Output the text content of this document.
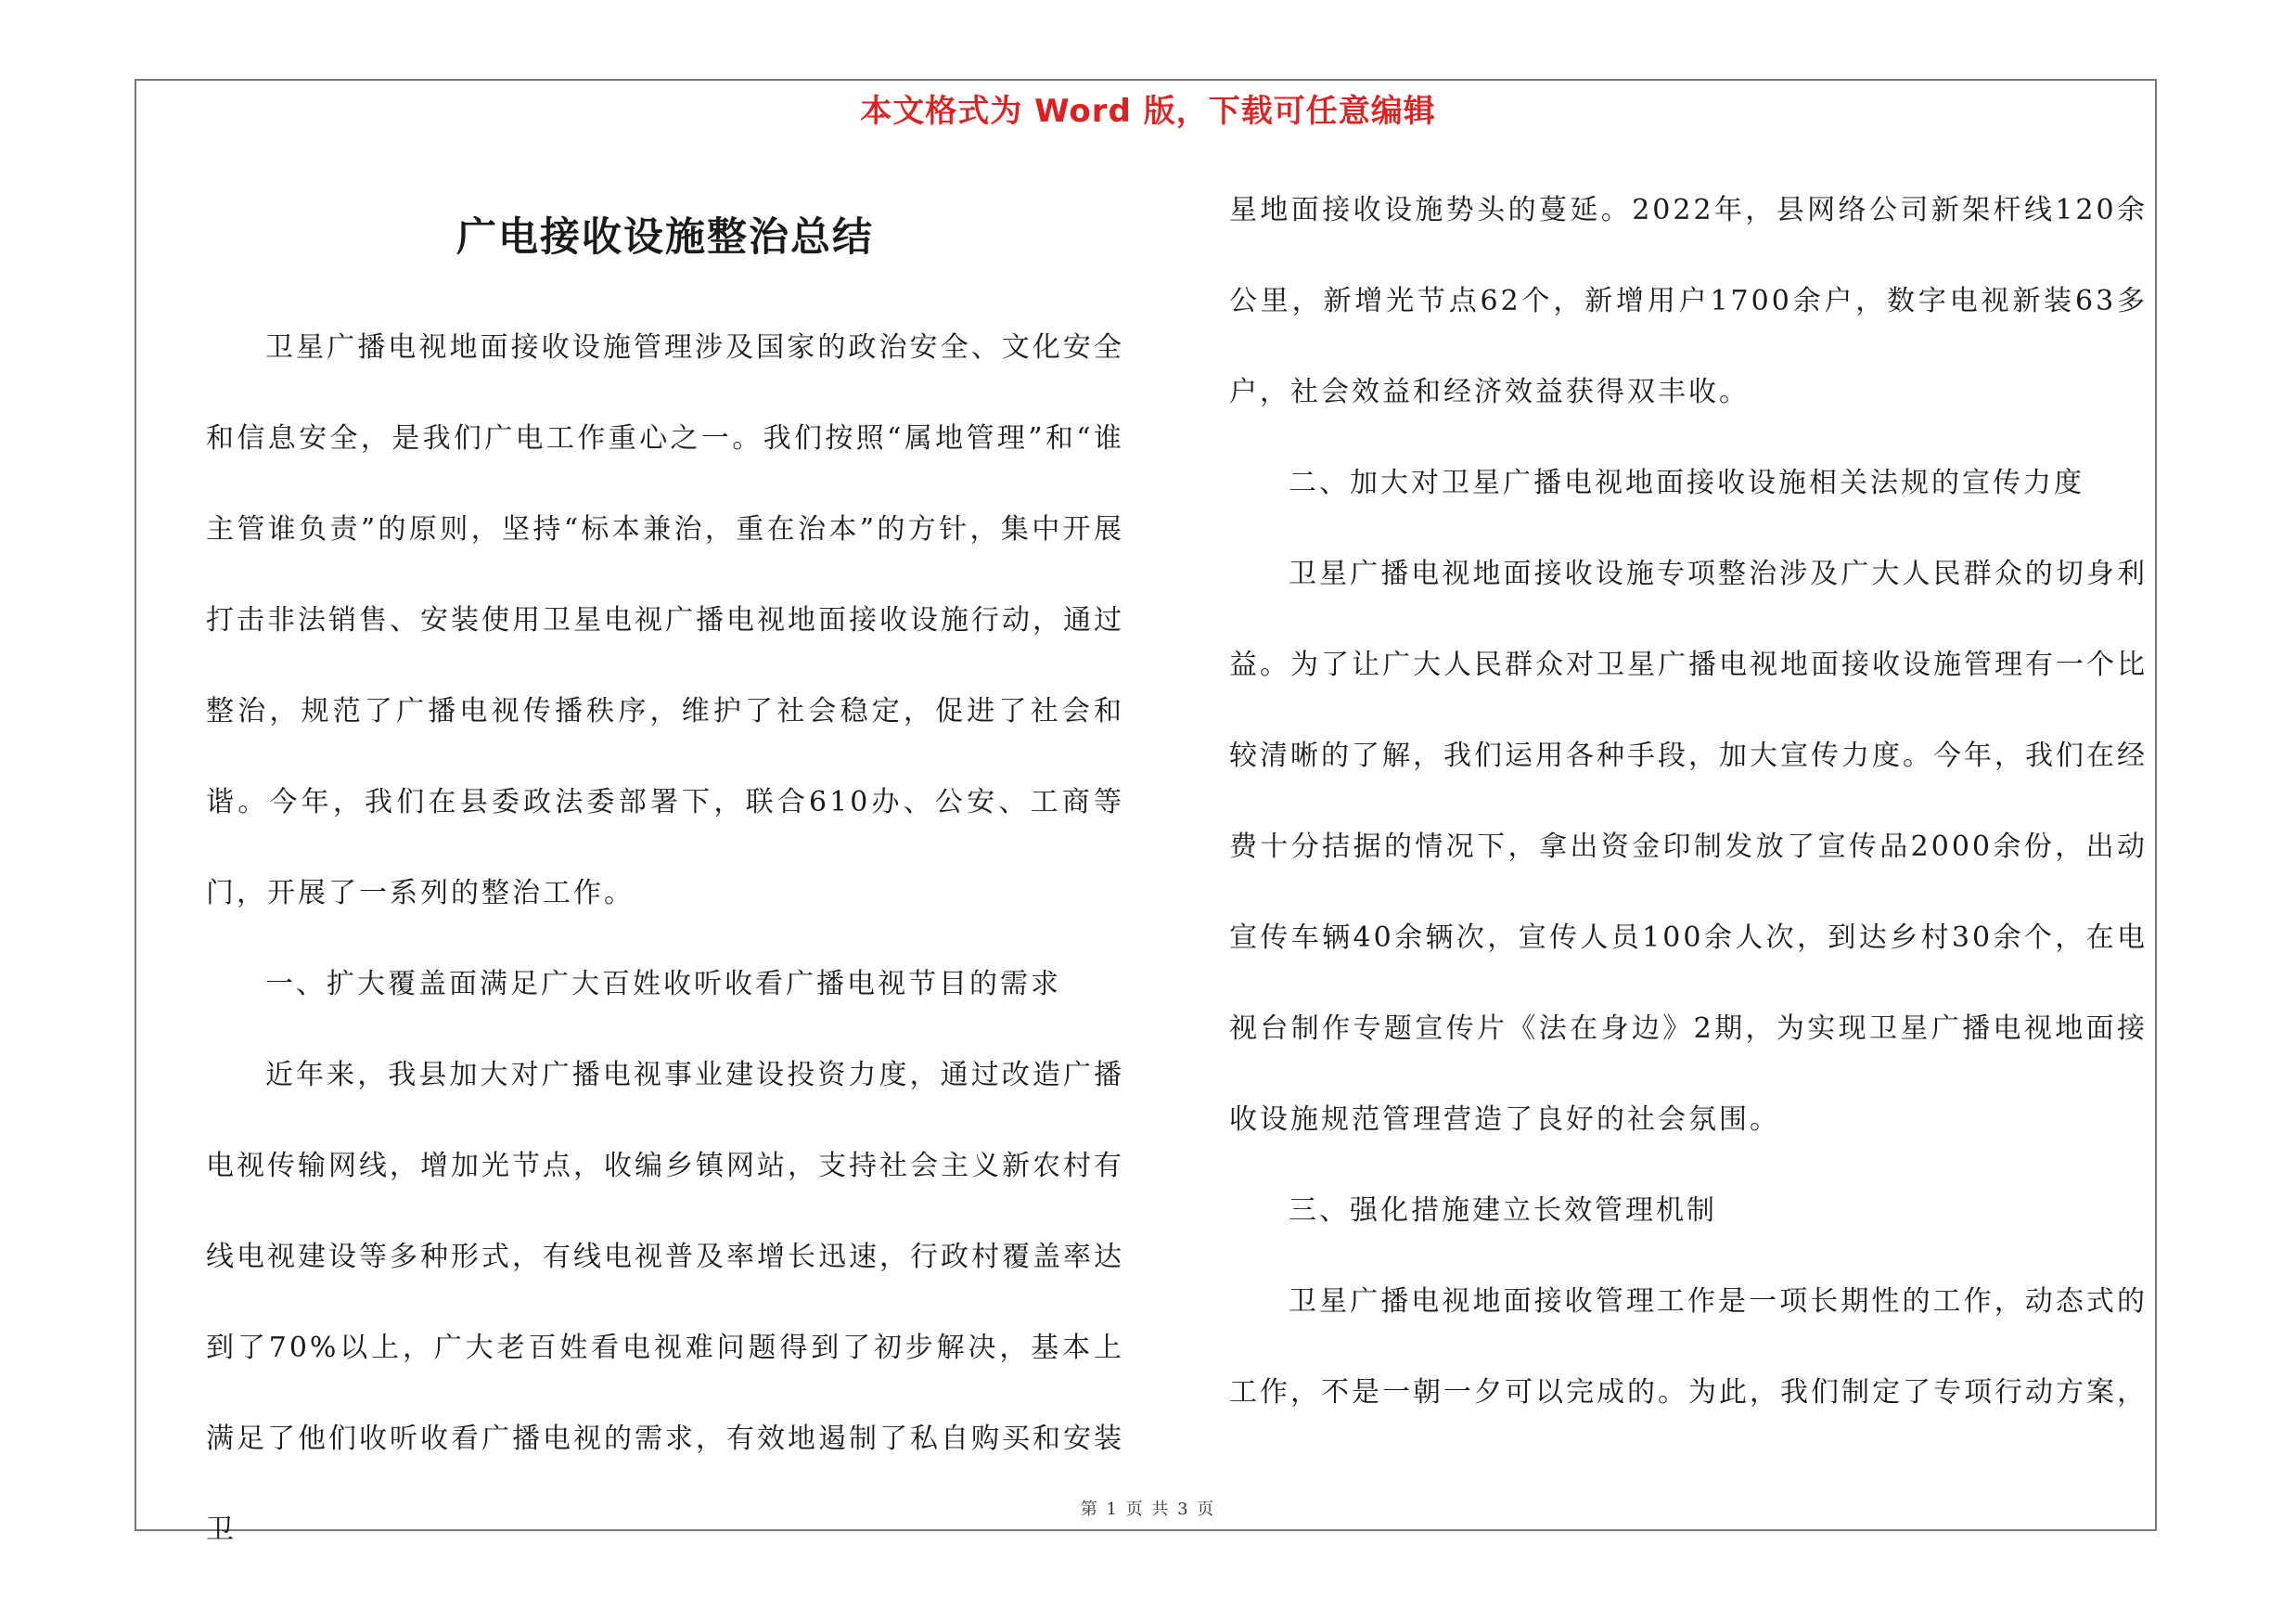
本文格式为 Word 版，下载可任意编辑
广电接收设施整治总结

卫星广播电视地面接收设施管理涉及国家的政治安全、文化安全和信息安全，是我们广电工作重心之一。我们按照“属地管理”和“谁主管谁负责”的原则，坚持“标本兼治，重在治本”的方针，集中开展打击非法销售、安装使用卫星电视广播电视地面接收设施行动，通过整治，规范了广播电视传播秩序，维护了社会稳定，促进了社会和谐。今年，我们在县委政法委部署下，联合610办、公安、工商等门，开展了一系列的整治工作。

一、扩大覆盖面满足广大百姓收听收看广播电视节目的需求

近年来，我县加大对广播电视事业建设投资力度，通过改造广播电视传输网线，增加光节点，收编乡镇网站，支持社会主义新农村有线电视建设等多种形式，有线电视普及率增长迅速，行政村覆盖率达到了70%以上，广大老百姓看电视难问题得到了初步解决，基本上满足了他们收听收看广播电视的需求，有效地遏制了私自购买和安装卫

星地面接收设施势头的蔓延。2022年，县网络公司新架杆线120余公里，新增光节点62个，新增用户1700余户，数字电视新装63多户，社会效益和经济效益获得双丰收。

二、加大对卫星广播电视地面接收设施相关法规的宣传力度

卫星广播电视地面接收设施专项整治涉及广大人民群众的切身利益。为了让广大人民群众对卫星广播电视地面接收设施管理有一个比较清晰的了解，我们运用各种手段，加大宣传力度。今年，我们在经费十分拮据的情况下，拿出资金印制发放了宣传品2000余份，出动宣传车辆40余辆次，宣传人员100余人次，到达乡村30余个，在电视台制作专题宣传片《法在身边》2期，为实现卫星广播电视地面接收设施规范管理营造了良好的社会氛围。

三、强化措施建立长效管理机制

卫星广播电视地面接收管理工作是一项长期性的工作，动态式的工作，不是一朝一夕可以完成的。为此，我们制定了专项行动方案，

第 1 页 共 3 页
